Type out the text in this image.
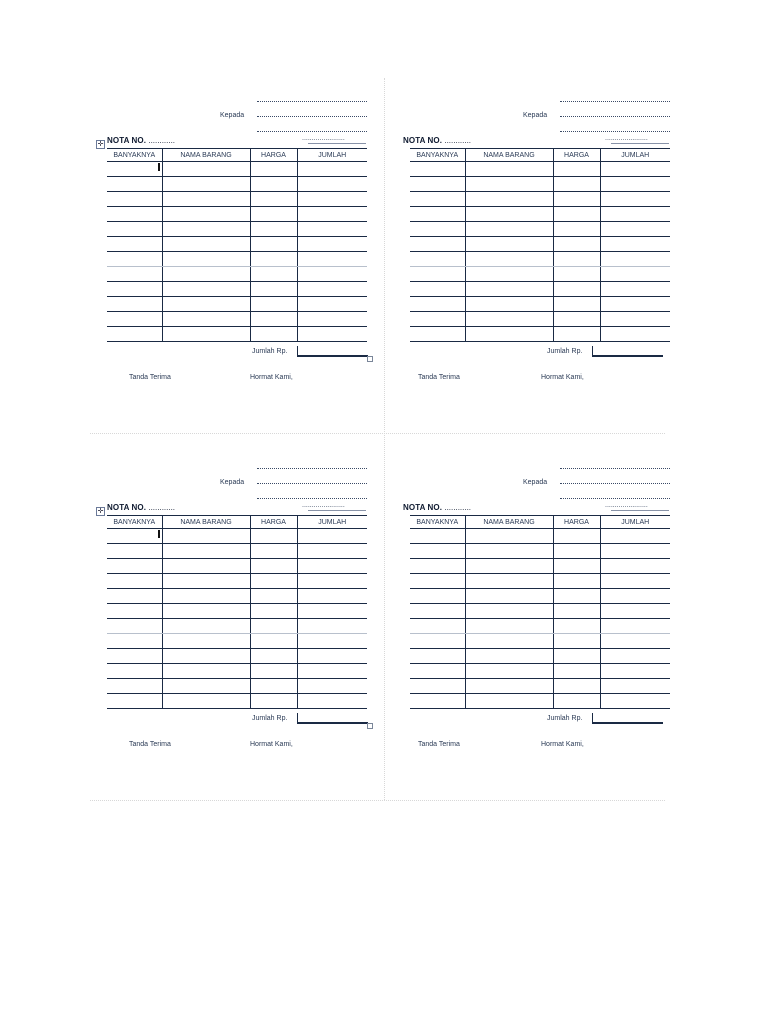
Kepada
✛ NOTA NO. ............	......................
BANYAKNYA	NAMA BARANG	HARGA	JUMLAH

Jumlah Rp.
Tanda Terima	Hormat Kami,
Kepada
NOTA NO. ............	......................
BANYAKNYA	NAMA BARANG	HARGA	JUMLAH

Jumlah Rp.
Tanda Terima	Hormat Kami,
Kepada
✛ NOTA NO. ............	......................
BANYAKNYA	NAMA BARANG	HARGA	JUMLAH

Jumlah Rp.
Tanda Terima	Hormat Kami,
Kepada
NOTA NO. ............	......................
BANYAKNYA	NAMA BARANG	HARGA	JUMLAH

Jumlah Rp.
Tanda Terima	Hormat Kami,
